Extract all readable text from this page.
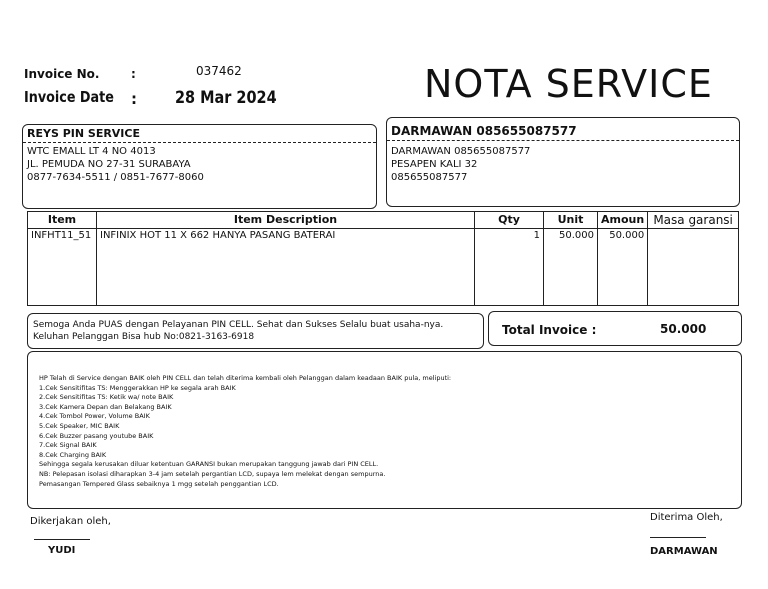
Invoice No.	:	037462
Invoice Date : 28 Mar 2024	NOTA SERVICE
REYS PIN SERVICE
WTC EMALL LT 4 NO 4013
JL. PEMUDA NO 27-31 SURABAYA
0877-7634-5511 / 0851-7677-8060
DARMAWAN 085655087577
DARMAWAN 085655087577
PESAPEN KALI 32
085655087577
Item	Item Description	Qty	Unit	Amoun	Masa garansi
INFHT11_51	INFINIX HOT 11 X 662 HANYA PASANG BATERAI	1	50.000	50.000	
Semoga Anda PUAS dengan Pelayanan PIN CELL. Sehat dan Sukses Selalu buat usaha-nya.
Keluhan Pelanggan Bisa hub No:0821-3163-6918	Total Invoice :	50.000
HP Telah di Service dengan BAIK oleh PIN CELL dan telah diterima kembali oleh Pelanggan dalam keadaan BAIK pula, meliputi:
1.Cek Sensitifitas TS: Menggerakkan HP ke segala arah BAIK
2.Cek Sensitifitas TS: Ketik wa/ note BAIK
3.Cek Kamera Depan dan Belakang BAIK
4.Cek Tombol Power, Volume BAIK
5.Cek Speaker, MIC BAIK
6.Cek Buzzer pasang youtube BAIK
7.Cek Signal BAIK
8.Cek Charging BAIK
Sehingga segala kerusakan diluar ketentuan GARANSI bukan merupakan tanggung jawab dari PIN CELL.
NB: Pelepasan isolasi diharapkan 3-4 jam setelah pergantian LCD, supaya lem melekat dengan sempurna.
Pemasangan Tempered Glass sebaiknya 1 mgg setelah penggantian LCD.
Dikerjakan oleh,
YUDI
Diterima Oleh,
DARMAWAN
